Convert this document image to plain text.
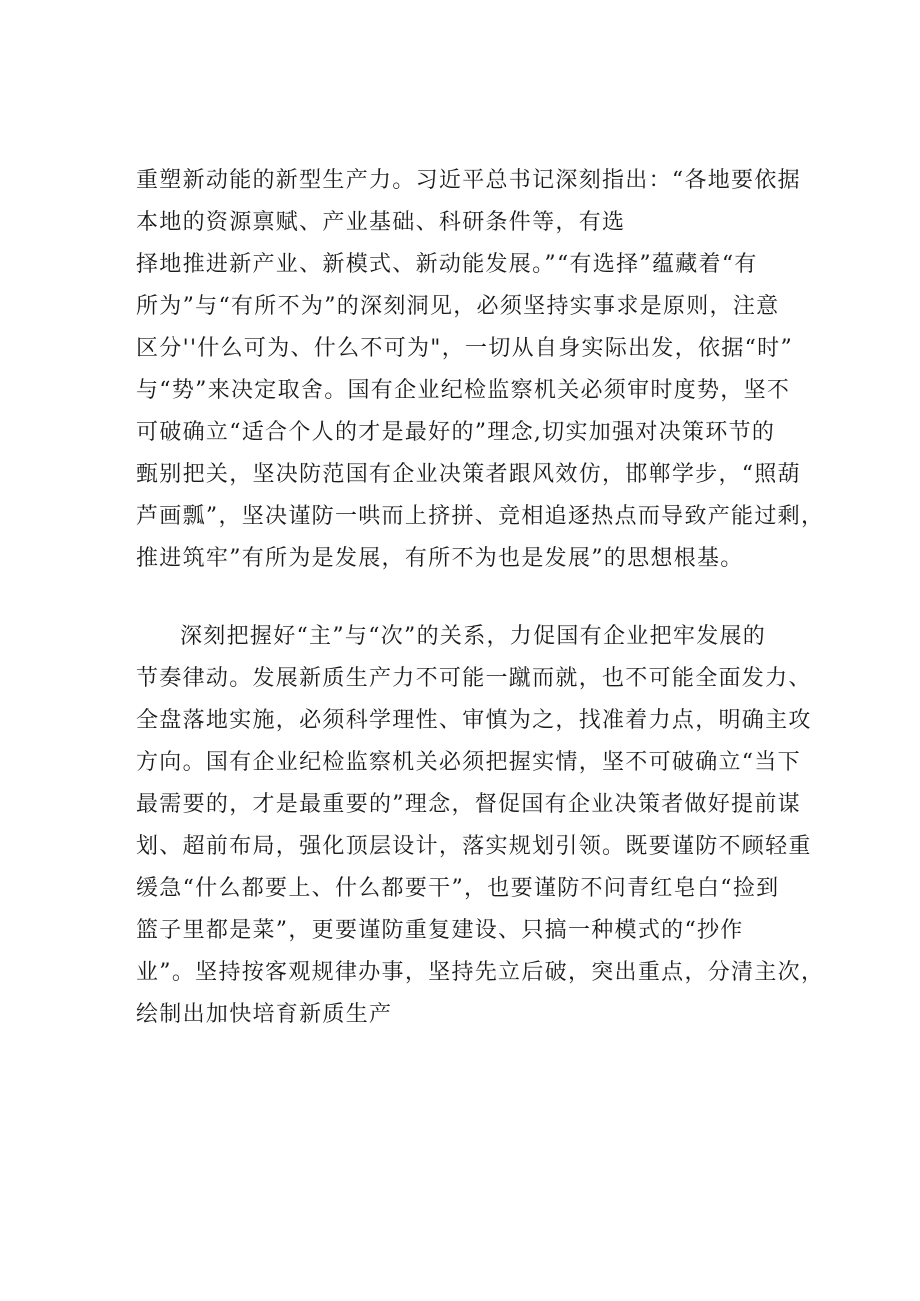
重塑新动能的新型生产力。习近平总书记深刻指出：“各地要依据
本地的资源禀赋、产业基础、科研条件等，有选
择地推进新产业、新模式、新动能发展。”“有选择”蕴藏着“有
所为”与“有所不为”的深刻洞见，必须坚持实事求是原则，注意
区分''什么可为、什么不可为"，一切从自身实际出发，依据“时”
与“势”来决定取舍。国有企业纪检监察机关必须审时度势，坚不
可破确立“适合个人的才是最好的”理念,切实加强对决策环节的
甄别把关，坚决防范国有企业决策者跟风效仿，邯郸学步，“照葫
芦画瓢”，坚决谨防一哄而上挤拼、竞相追逐热点而导致产能过剩，
推进筑牢”有所为是发展，有所不为也是发展”的思想根基。
深刻把握好“主”与“次”的关系，力促国有企业把牢发展的
节奏律动。发展新质生产力不可能一蹴而就，也不可能全面发力、
全盘落地实施，必须科学理性、审慎为之，找准着力点，明确主攻
方向。国有企业纪检监察机关必须把握实情，坚不可破确立“当下
最需要的，才是最重要的”理念，督促国有企业决策者做好提前谋
划、超前布局，强化顶层设计，落实规划引领。既要谨防不顾轻重
缓急“什么都要上、什么都要干”，也要谨防不问青红皂白“捡到
篮子里都是菜”，更要谨防重复建设、只搞一种模式的“抄作
业”。坚持按客观规律办事，坚持先立后破，突出重点，分清主次，
绘制出加快培育新质生产
